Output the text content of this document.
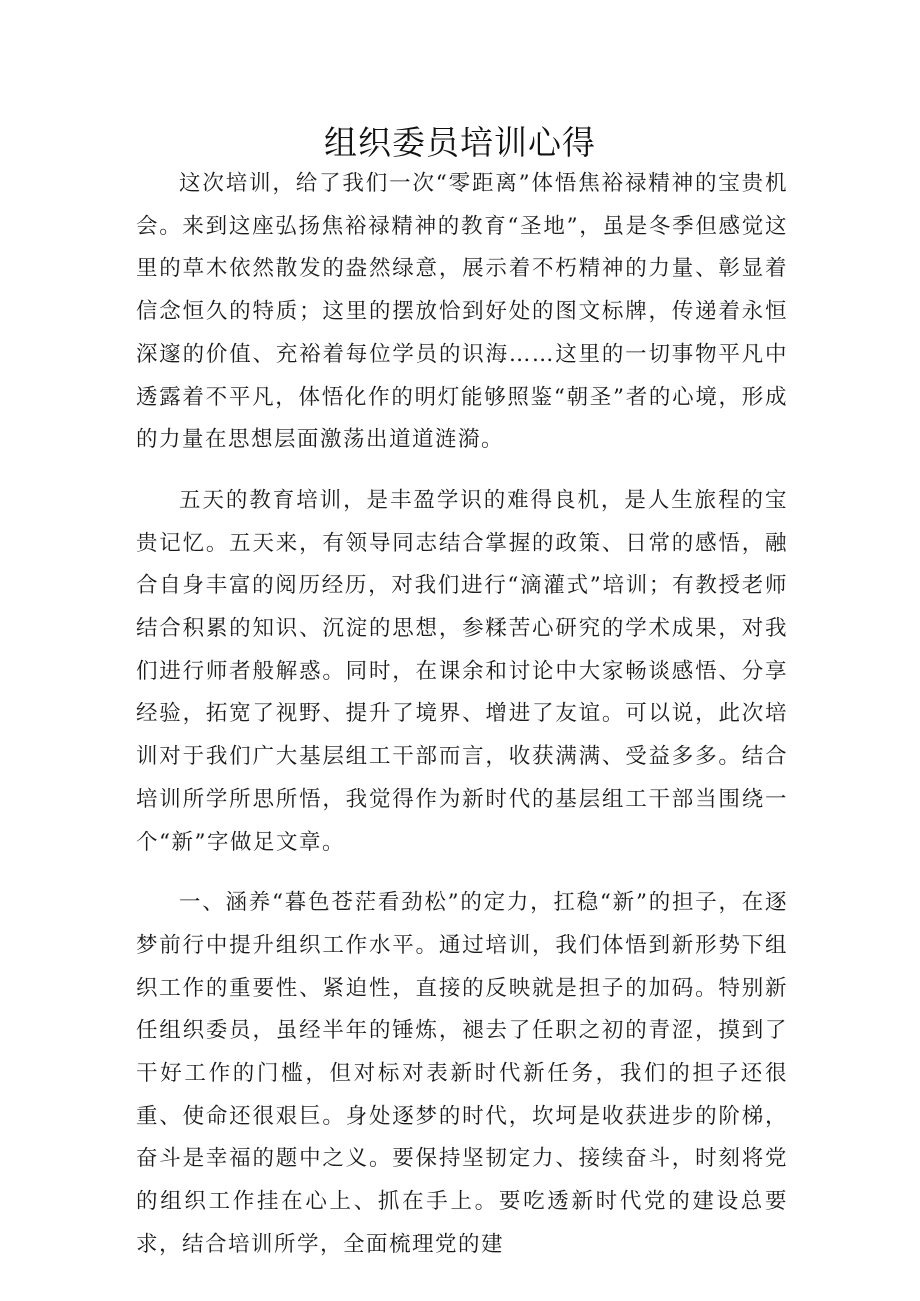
组织委员培训心得

这次培训，给了我们一次“零距离”体悟焦裕禄精神的宝贵机会。来到这座弘扬焦裕禄精神的教育“圣地”，虽是冬季但感觉这里的草木依然散发的盎然绿意，展示着不朽精神的力量、彰显着信念恒久的特质；这里的摆放恰到好处的图文标牌，传递着永恒深邃的价值、充裕着每位学员的识海……这里的一切事物平凡中透露着不平凡，体悟化作的明灯能够照鉴“朝圣”者的心境，形成的力量在思想层面激荡出道道涟漪。

五天的教育培训，是丰盈学识的难得良机，是人生旅程的宝贵记忆。五天来，有领导同志结合掌握的政策、日常的感悟，融合自身丰富的阅历经历，对我们进行“滴灌式”培训；有教授老师结合积累的知识、沉淀的思想，参糅苦心研究的学术成果，对我们进行师者般解惑。同时，在课余和讨论中大家畅谈感悟、分享经验，拓宽了视野、提升了境界、增进了友谊。可以说，此次培训对于我们广大基层组工干部而言，收获满满、受益多多。结合培训所学所思所悟，我觉得作为新时代的基层组工干部当围绕一个“新”字做足文章。

一、涵养“暮色苍茫看劲松”的定力，扛稳“新”的担子，在逐梦前行中提升组织工作水平。通过培训，我们体悟到新形势下组织工作的重要性、紧迫性，直接的反映就是担子的加码。特别新任组织委员，虽经半年的锤炼，褪去了任职之初的青涩，摸到了干好工作的门槛，但对标对表新时代新任务，我们的担子还很重、使命还很艰巨。身处逐梦的时代，坎坷是收获进步的阶梯，奋斗是幸福的题中之义。要保持坚韧定力、接续奋斗，时刻将党的组织工作挂在心上、抓在手上。要吃透新时代党的建设总要求，结合培训所学，全面梳理党的建
